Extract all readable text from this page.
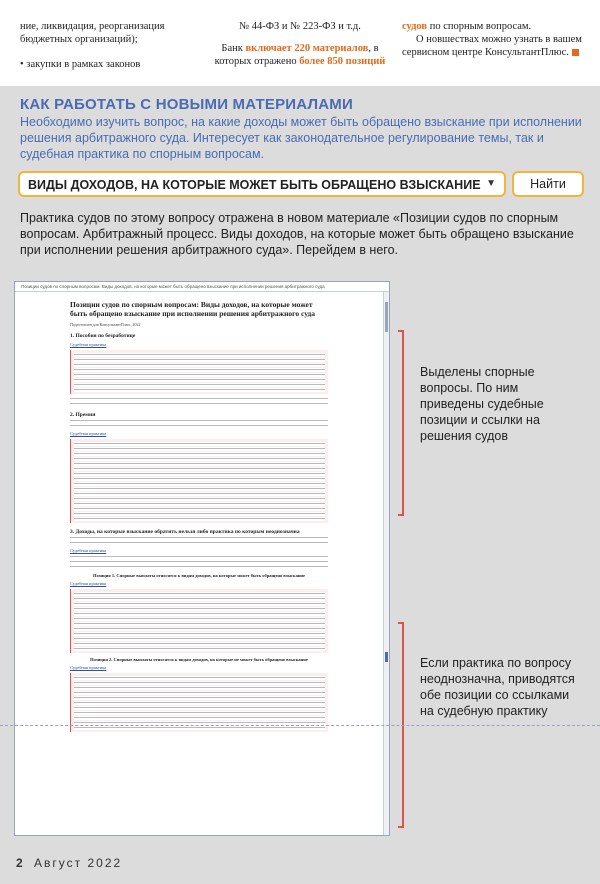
ние, ликвидация, реорганизация бюджетных организаций);
• закупки в рамках законов
№ 44-ФЗ и № 223-ФЗ и т.д.
Банк включает 220 материалов, в которых отражено более 850 позиций
судов по спорным вопросам.
О новшествах можно узнать в вашем сервисном центре КонсультантПлюс.
КАК РАБОТАТЬ С НОВЫМИ МАТЕРИАЛАМИ
Необходимо изучить вопрос, на какие доходы может быть обращено взыскание при исполнении решения арбитражного суда. Интересует как законодательное регулирование темы, так и судебная практика по спорным вопросам.
ВИДЫ ДОХОДОВ, НА КОТОРЫЕ МОЖЕТ БЫТЬ ОБРАЩЕНО ВЗЫСКАНИЕ ▼	Найти
Практика судов по этому вопросу отражена в новом материале «Позиции судов по спорным вопросам. Арбитражный процесс. Виды доходов, на которые может быть обращено взыскание при исполнении решения арбитражного суда». Перейдем в него.
Позиции судов по спорным вопросам. Виды доходов, на которые может быть обращено взыскание при исполнении решения арбитражного суда
Позиции судов по спорным вопросам: Виды доходов, на которые может быть обращено взыскание при исполнении решения арбитражного суда
Подготовлен для КонсультантПлюс, 2022
1. Пособия по безработице
Судебная практика
2. Премии
Судебная практика
3. Доходы, на которые взыскание обратить нельзя либо практика по которым неоднозначна
Судебная практика
Позиция 1. Спорные выплаты относятся к видам доходов, на которые может быть обращено взыскание
Судебная практика
Позиция 2. Спорные выплаты относятся к видам доходов, на которые не может быть обращено взыскание
Судебная практика
Выделены спорные вопросы. По ним приведены судебные позиции и ссылки на решения судов
Если практика по вопросу неоднозначна, приводятся обе позиции со ссылками на судебную практику
2 Август 2022
